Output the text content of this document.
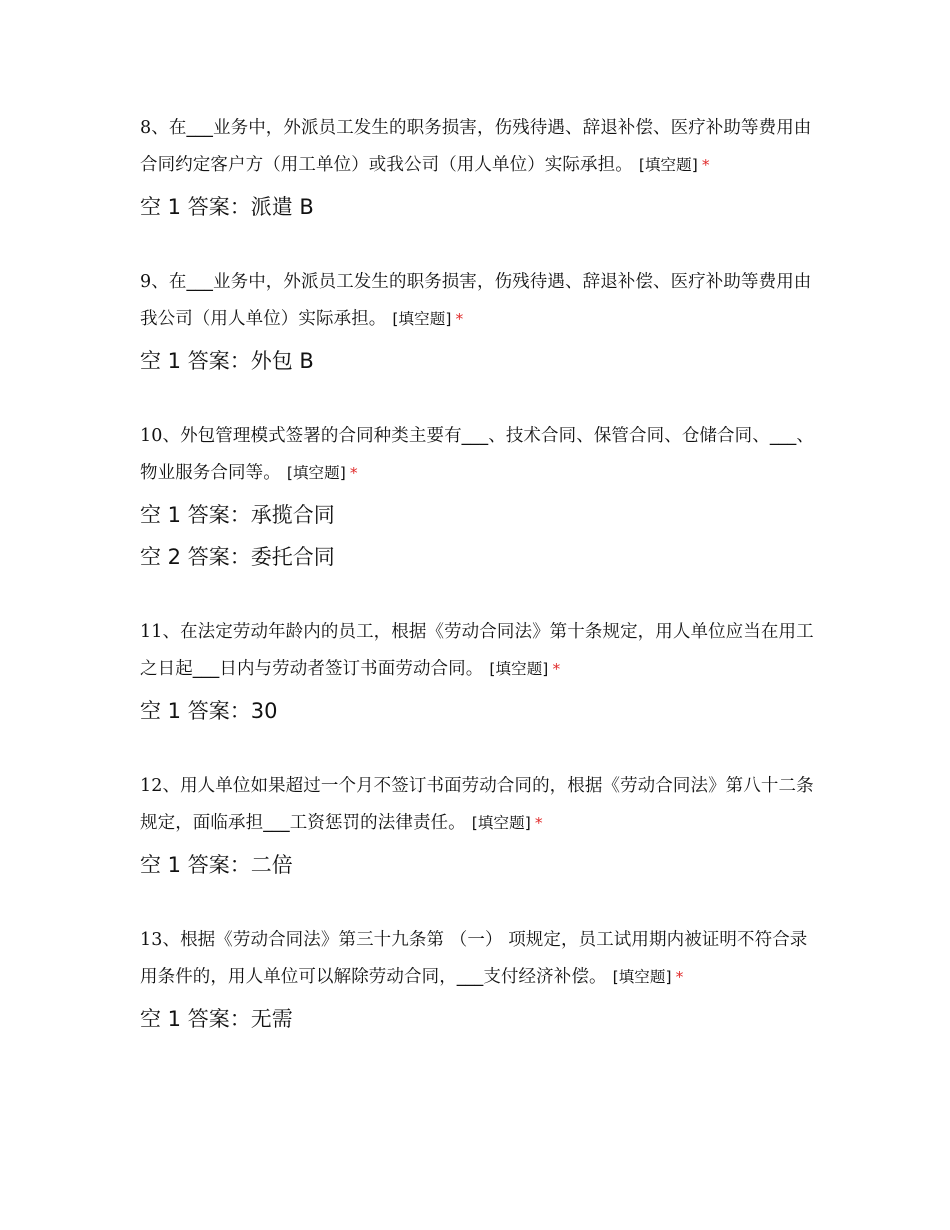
8、在___业务中，外派员工发生的职务损害，伤残待遇、辞退补偿、医疗补助等费用由合同约定客户方（用工单位）或我公司（用人单位）实际承担。 [填空题] *
空 1 答案：派遣 B
9、在___业务中，外派员工发生的职务损害，伤残待遇、辞退补偿、医疗补助等费用由我公司（用人单位）实际承担。 [填空题] *
空 1 答案：外包 B
10、外包管理模式签署的合同种类主要有___、技术合同、保管合同、仓储合同、___、物业服务合同等。 [填空题] *
空 1 答案：承揽合同
空 2 答案：委托合同
11、在法定劳动年龄内的员工，根据《劳动合同法》第十条规定，用人单位应当在用工之日起___日内与劳动者签订书面劳动合同。 [填空题] *
空 1 答案：30
12、用人单位如果超过一个月不签订书面劳动合同的，根据《劳动合同法》第八十二条规定，面临承担___工资惩罚的法律责任。 [填空题] *
空 1 答案：二倍
13、根据《劳动合同法》第三十九条第 （一） 项规定，员工试用期内被证明不符合录用条件的，用人单位可以解除劳动合同，___支付经济补偿。 [填空题] *
空 1 答案：无需
